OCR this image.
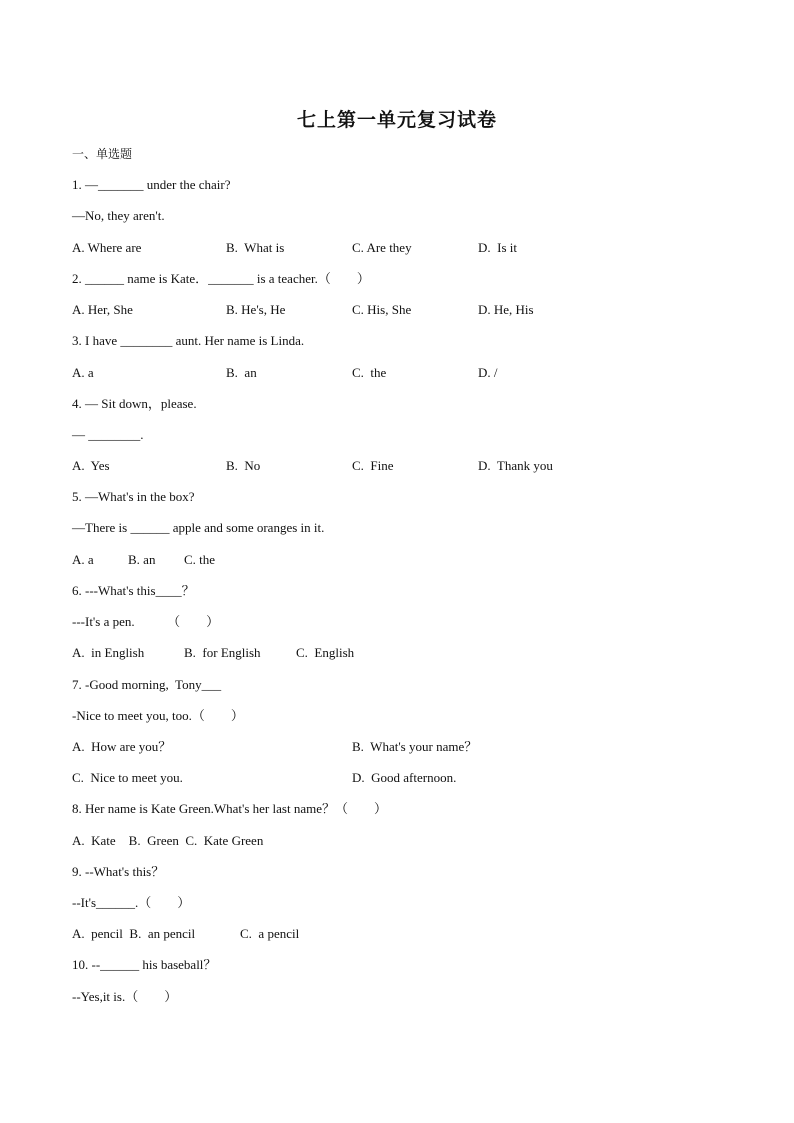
七上第一单元复习试卷
一、单选题
1. —_______ under the chair?
—No, they aren't.
A. Where are	B.  What is	C. Are they	D.  Is it
2. ______ name is Kate．_______ is a teacher.（        ）
A. Her, She	B. He's, He	C. His, She	D. He, His
3. I have ________ aunt. Her name is Linda.
A. a	B.  an	C.  the	D. /
4. — Sit down，please.
— ________.
A.  Yes	B.  No	C.  Fine	D.  Thank you
5. —What's in the box?
—There is ______ apple and some oranges in it.
A. a	B. an C. the
6. ---What's this____？
---It's a pen.          （        ）
A.  in English	B.  for English	C.  English
7. -Good morning,  Tony___
-Nice to meet you, too.（        ）
A.  How are you？	B.  What's your name？
C.  Nice to meet you.	D.  Good afternoon.
8. Her name is Kate Green.What's her last name？（        ）
A.  Kate    B.  Green  C.  Kate Green
9. --What's this？
--It's______.（        ）
A.  pencil  B.  an pencil	C.  a pencil
10. --______ his baseball？
--Yes,it is.（        ）
